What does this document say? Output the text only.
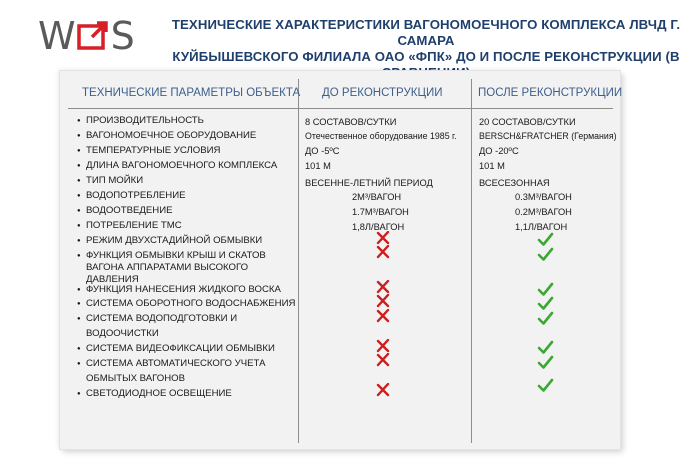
W S	ТЕХНИЧЕСКИЕ ХАРАКТЕРИСТИКИ ВАГОНОМОЕЧНОГО КОМПЛЕКСА ЛВЧД Г. САМАРА
КУЙБЫШЕВСКОГО ФИЛИАЛА ОАО «ФПК» ДО И ПОСЛЕ РЕКОНСТРУКЦИИ (В
ТЕХНИЧЕСКИЕ ПАРАМЕТРЫ ОБЪЕКТА ДО РЕКОНСТРУКЦИИ	ПОСЛЕ РЕКОНСТРУКЦИИ
● ПРОИЗВОДИТЕЛЬНОСТЬ
● ВАГОНОМОЕЧНОЕ ОБОРУДОВАНИЕ
● ТЕМПЕРАТУРНЫЕ УСЛОВИЯ
● ДЛИНА ВАГОНОМОЕЧНОГО КОМПЛЕКСА
● ТИП МОЙКИ
● ВОДОПОТРЕБЛЕНИЕ
● ВОДООТВЕДЕНИЕ
● ПОТРЕБЛЕНИЕ ТМС
● РЕЖИМ ДВУХСТАДИЙНОЙ ОБМЫВКИ
● ФУНКЦИЯ ОБМЫВКИ КРЫШ И СКАТОВ ВАГОНА АППАРАТАМИ ВЫСОКОГО ДАВЛЕНИЯ
● ФУНКЦИЯ НАНЕСЕНИЯ ЖИДКОГО ВОСКА
● СИСТЕМА ОБОРОТНОГО ВОДОСНАБЖЕНИЯ
● СИСТЕМА ВОДОПОДГОТОВКИ И
ВОДООЧИСТКИ
● СИСТЕМА ВИДЕОФИКСАЦИИ ОБМЫВКИ
● СИСТЕМА АВТОМАТИЧЕСКОГО УЧЕТА
ОБМЫТЫХ ВАГОНОВ
● СВЕТОДИОДНОЕ ОСВЕЩЕНИЕ
8 СОСТАВОВ/СУТКИ
Отечественное оборудование 1985 г.
ДО -5ºС
101 М
ВЕСЕННЕ-ЛЕТНИЙ ПЕРИОД
2М³/ВАГОН
1.7М³/ВАГОН
1,8Л/ВАГОН
20 СОСТАВОВ/СУТКИ
BERSCH&FRATCHER (Германия)
ДО -20ºС
101 М
ВСЕСЕЗОННАЯ
0.3М³/ВАГОН
0.2М³/ВАГОН
1,1Л/ВАГОН
